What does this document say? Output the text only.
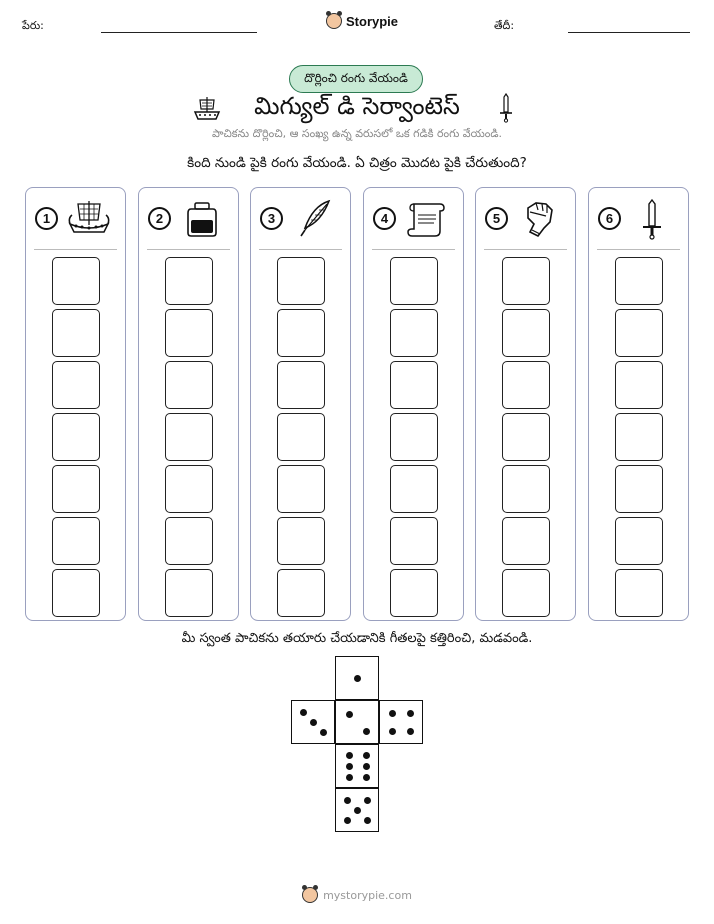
పేరు:	Storypie	తేదీ:
దొర్లించి రంగు వేయండి
మిగ్యుల్ డి సెర్వాంటెస్
పాచికను దొర్లించి, ఆ సంఖ్య ఉన్న వరుసలో ఒక గడికి రంగు వేయండి.
కింది నుండి పైకి రంగు వేయండి. ఏ చిత్రం మొదట పైకి చేరుతుంది?
1	2	3	4	5	6
మీ స్వంత పాచికను తయారు చేయడానికి గీతలపై కత్తిరించి, మడవండి.
mystorypie.com
